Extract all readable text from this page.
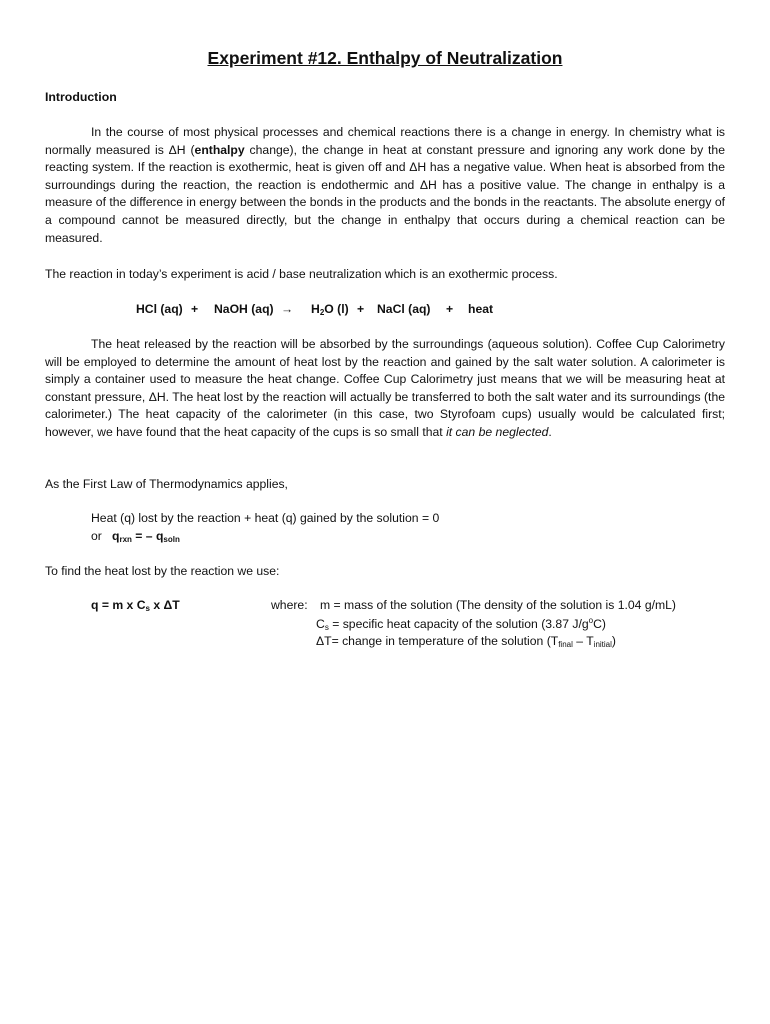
Experiment #12. Enthalpy of Neutralization
Introduction

In the course of most physical processes and chemical reactions there is a change in energy. In chemistry what is normally measured is ΔH (enthalpy change), the change in heat at constant pressure and ignoring any work done by the reacting system. If the reaction is exothermic, heat is given off and ΔH has a negative value. When heat is absorbed from the surroundings during the reaction, the reaction is endothermic and ΔH has a positive value. The change in enthalpy is a measure of the difference in energy between the bonds in the products and the bonds in the reactants. The absolute energy of a compound cannot be measured directly, but the change in enthalpy that occurs during a chemical reaction can be measured.

The reaction in today’s experiment is acid / base neutralization which is an exothermic process.

HCl (aq) + NaOH $(aq) \to H_2O$ (l) + NaCl (aq) + heat

The heat released by the reaction will be absorbed by the surroundings (aqueous solution). Coffee Cup Calorimetry will be employed to determine the amount of heat lost by the reaction and gained by the salt water solution. A calorimeter is simply a container used to measure the heat change. Coffee Cup Calorimetry just means that we will be measuring heat at constant pressure, ΔH. The heat lost by the reaction will actually be transferred to both the salt water and its surroundings (the calorimeter.) The heat capacity of the calorimeter (in this case, two Styrofoam cups) usually would be calculated first; however, we have found that the heat capacity of the cups is so small that it can be neglected.

As the First Law of Thermodynamics applies,
Heat (q) lost by the reaction + heat (q) gained by the solution = 0
or $q_{rxn}$ = – $q_{soln}$
To find the heat lost by the reaction we use:
q = m x $C_s$ x ΔT	where: m = mass of the solution (The density of the solution is 1.04 g/mL)
$C_s$ = specific heat capacity of the solution (3.87 $J/g^oC$)
ΔT= change in temperature of the solution $(T_{final} - T_{initial})$
